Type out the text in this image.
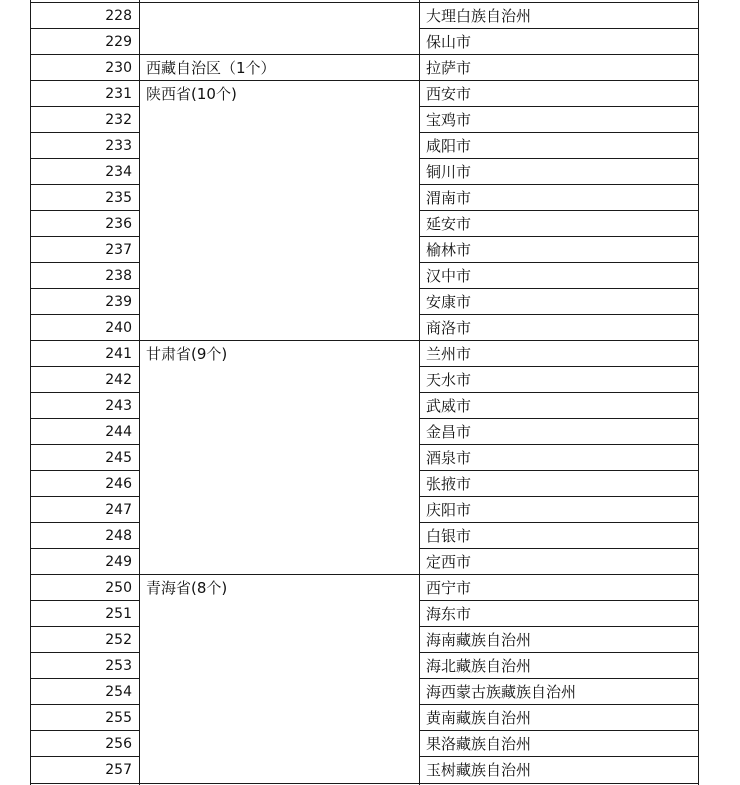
228	大理白族自治州
229	保山市
230 西藏自治区（1个）	拉萨市
231 陕西省(10个)	西安市
232	宝鸡市
233	咸阳市
234	铜川市
235	渭南市
236	延安市
237	榆林市
238	汉中市
239	安康市
240	商洛市
241 甘肃省(9个)	兰州市
242	天水市
243	武威市
244	金昌市
245	酒泉市
246	张掖市
247	庆阳市
248	白银市
249	定西市
250 青海省(8个)	西宁市
251	海东市
252	海南藏族自治州
253	海北藏族自治州
254	海西蒙古族藏族自治州
255	黄南藏族自治州
256	果洛藏族自治州
257	玉树藏族自治州
